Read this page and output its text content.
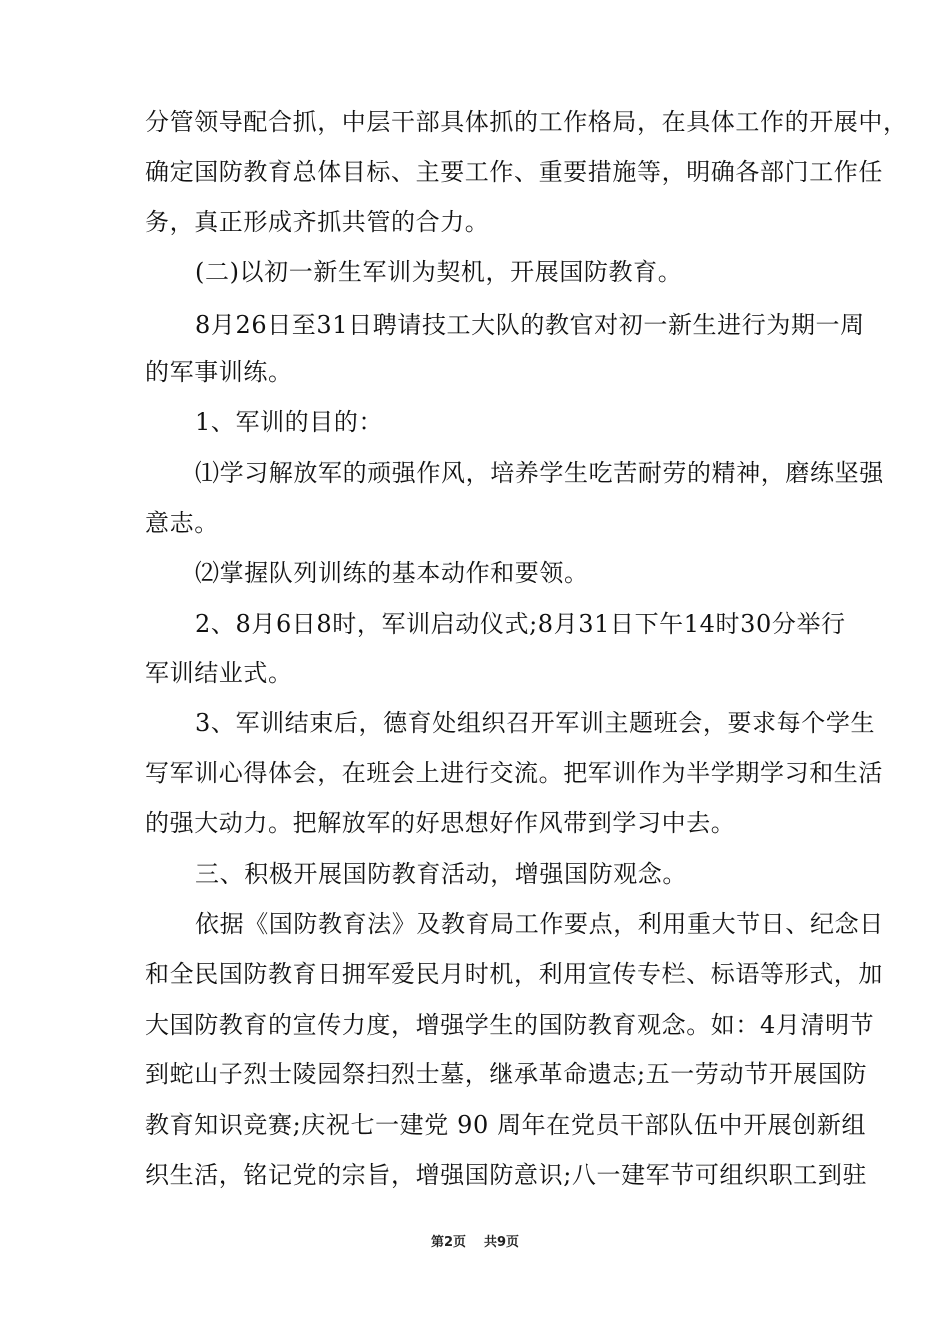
分管领导配合抓，中层干部具体抓的工作格局，在具体工作的开展中，
确定国防教育总体目标、主要工作、重要措施等，明确各部门工作任
务，真正形成齐抓共管的合力。
(二)以初一新生军训为契机，开展国防教育。
8月26日至31日聘请技工大队的教官对初一新生进行为期一周
的军事训练。
1、军训的目的：
⑴学习解放军的顽强作风，培养学生吃苦耐劳的精神，磨练坚强
意志。
⑵掌握队列训练的基本动作和要领。
2、8月6日8时，军训启动仪式;8月31日下午14时30分举行
军训结业式。
3、军训结束后，德育处组织召开军训主题班会，要求每个学生
写军训心得体会，在班会上进行交流。把军训作为半学期学习和生活
的强大动力。把解放军的好思想好作风带到学习中去。
三、积极开展国防教育活动，增强国防观念。
依据《国防教育法》及教育局工作要点，利用重大节日、纪念日
和全民国防教育日拥军爱民月时机，利用宣传专栏、标语等形式，加
大国防教育的宣传力度，增强学生的国防教育观念。如：4月清明节
到蛇山子烈士陵园祭扫烈士墓，继承革命遗志;五一劳动节开展国防
教育知识竞赛;庆祝七一建党 90 周年在党员干部队伍中开展创新组
织生活，铭记党的宗旨，增强国防意识;八一建军节可组织职工到驻
第2页 共9页
